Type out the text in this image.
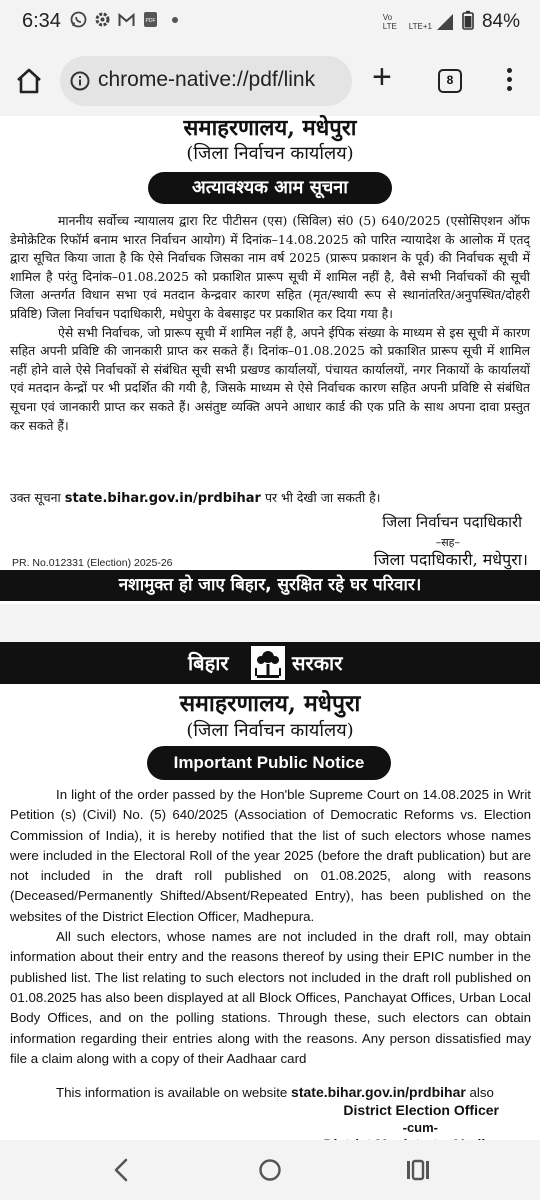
6:34	PDF	Vo LTE	LTE+1	84%
chrome-native://pdf/link +	8
समाहरणालय, मधेपुरा
(जिला निर्वाचन कार्यालय)
अत्यावश्यक आम सूचना

माननीय सर्वोच्च न्यायालय द्वारा रिट पीटीसन (एस) (सिविल) सं0 (5) 640/2025 (एसोसिएशन ऑफ डेमोक्रेटिक रिफॉर्म बनाम भारत निर्वाचन आयोग) में दिनांक–14.08.2025 को पारित न्यायादेश के आलोक में एतद् द्वारा सूचित किया जाता है कि ऐसे निर्वाचक जिसका नाम वर्ष 2025 (प्रारूप प्रकाशन के पूर्व) की निर्वाचक सूची में शामिल है परंतु दिनांक–01.08.2025 को प्रकाशित प्रारूप सूची में शामिल नहीं है, वैसे सभी निर्वाचकों की सूची जिला अन्तर्गत विधान सभा एवं मतदान केन्द्रवार कारण सहित (मृत/स्थायी रूप से स्थानांतरित/अनुपस्थित/दोहरी प्रविष्टि) जिला निर्वाचन पदाधिकारी, मधेपुरा के वेबसाइट पर प्रकाशित कर दिया गया है।

ऐसे सभी निर्वाचक, जो प्रारूप सूची में शामिल नहीं है, अपने ईपिक संख्या के माध्यम से इस सूची में कारण सहित अपनी प्रविष्टि की जानकारी प्राप्त कर सकते हैं। दिनांक–01.08.2025 को प्रकाशित प्रारूप सूची में शामिल नहीं होने वाले ऐसे निर्वाचकों से संबंधित सूची सभी प्रखण्ड कार्यालयों, पंचायत कार्यालयों, नगर निकायों के कार्यालयों एवं मतदान केन्द्रों पर भी प्रदर्शित की गयी है, जिसके माध्यम से ऐसे निर्वाचक कारण सहित अपनी प्रविष्टि से संबंधित सूचना एवं जानकारी प्राप्त कर सकते हैं। असंतुष्ट व्यक्ति अपने आधार कार्ड की एक प्रति के साथ अपना दावा प्रस्तुत कर सकते हैं।

उक्त सूचना state.bihar.gov.in/prdbihar पर भी देखी जा सकती है।
जिला निर्वाचन पदाधिकारी
–सह–
जिला पदाधिकारी, मधेपुरा।
PR. No.012331 (Election) 2025-26
नशामुक्त हो जाए बिहार, सुरक्षित रहे घर परिवार।
बिहार	सरकार
समाहरणालय, मधेपुरा
(जिला निर्वाचन कार्यालय)
Important Public Notice

In light of the order passed by the Hon'ble Supreme Court on 14.08.2025 in Writ Petition (s) (Civil) No. (5) 640/2025 (Association of Democratic Reforms vs. Election Commission of India), it is hereby notified that the list of such electors whose names were included in the Electoral Roll of the year 2025 (before the draft publication) but are not included in the draft roll published on 01.08.2025, along with reasons (Deceased/Permanently Shifted/Absent/Repeated Entry), has been published on the websites of the District Election Officer, Madhepura.

All such electors, whose names are not included in the draft roll, may obtain information about their entry and the reasons thereof by using their EPIC number in the published list. The list relating to such electors not included in the draft roll published on 01.08.2025 has also been displayed at all Block Offices, Panchayat Offices, Urban Local Body Offices, and on the polling stations. Through these, such electors can obtain information regarding their entries along with the reasons. Any person dissatisfied may file a claim along with a copy of their Aadhaar card

This information is available on website state.bihar.gov.in/prdbihar also
District Election Officer
-cum-
